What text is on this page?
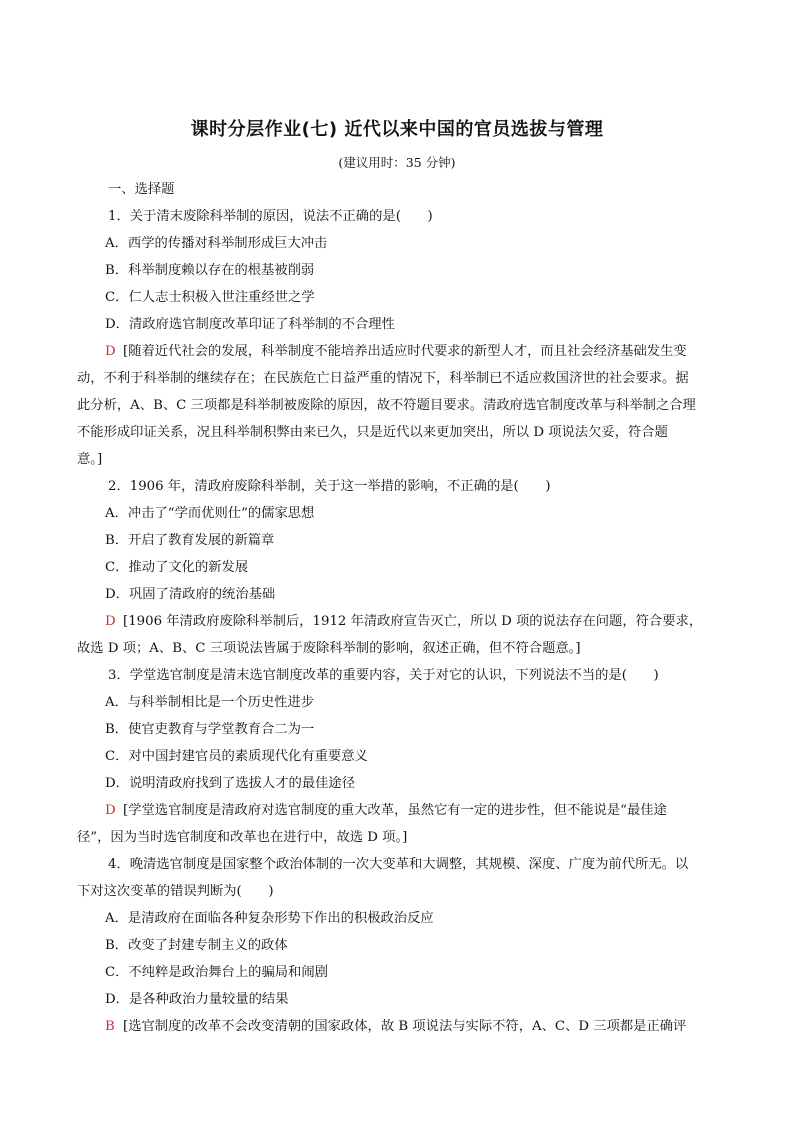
课时分层作业(七) 近代以来中国的官员选拔与管理
(建议用时：35 分钟)
一、选择题
1．关于清末废除科举制的原因，说法不正确的是(　　)
A．西学的传播对科举制形成巨大冲击
B．科举制度赖以存在的根基被削弱
C．仁人志士积极入世注重经世之学
D．清政府选官制度改革印证了科举制的不合理性
D [随着近代社会的发展，科举制度不能培养出适应时代要求的新型人才，而且社会经济基础发生变
动，不利于科举制的继续存在；在民族危亡日益严重的情况下，科举制已不适应救国济世的社会要求。据
此分析，A、B、C 三项都是科举制被废除的原因，故不符题目要求。清政府选官制度改革与科举制之合理
不能形成印证关系，况且科举制积弊由来已久，只是近代以来更加突出，所以 D 项说法欠妥，符合题
意。]
2．1906 年，清政府废除科举制，关于这一举措的影响，不正确的是(　　)
A．冲击了“学而优则仕”的儒家思想
B．开启了教育发展的新篇章
C．推动了文化的新发展
D．巩固了清政府的统治基础
D [1906 年清政府废除科举制后，1912 年清政府宣告灭亡，所以 D 项的说法存在问题，符合要求，
故选 D 项；A、B、C 三项说法皆属于废除科举制的影响，叙述正确，但不符合题意。]
3．学堂选官制度是清末选官制度改革的重要内容，关于对它的认识，下列说法不当的是(　　)
A．与科举制相比是一个历史性进步
B．使官吏教育与学堂教育合二为一
C．对中国封建官员的素质现代化有重要意义
D．说明清政府找到了选拔人才的最佳途径
D [学堂选官制度是清政府对选官制度的重大改革，虽然它有一定的进步性，但不能说是“最佳途
径”，因为当时选官制度和改革也在进行中，故选 D 项。]
4．晚清选官制度是国家整个政治体制的一次大变革和大调整，其规模、深度、广度为前代所无。以
下对这次变革的错误判断为(　　)
A．是清政府在面临各种复杂形势下作出的积极政治反应
B．改变了封建专制主义的政体
C．不纯粹是政治舞台上的骗局和闹剧
D．是各种政治力量较量的结果
B [选官制度的改革不会改变清朝的国家政体，故 B 项说法与实际不符，A、C、D 三项都是正确评
